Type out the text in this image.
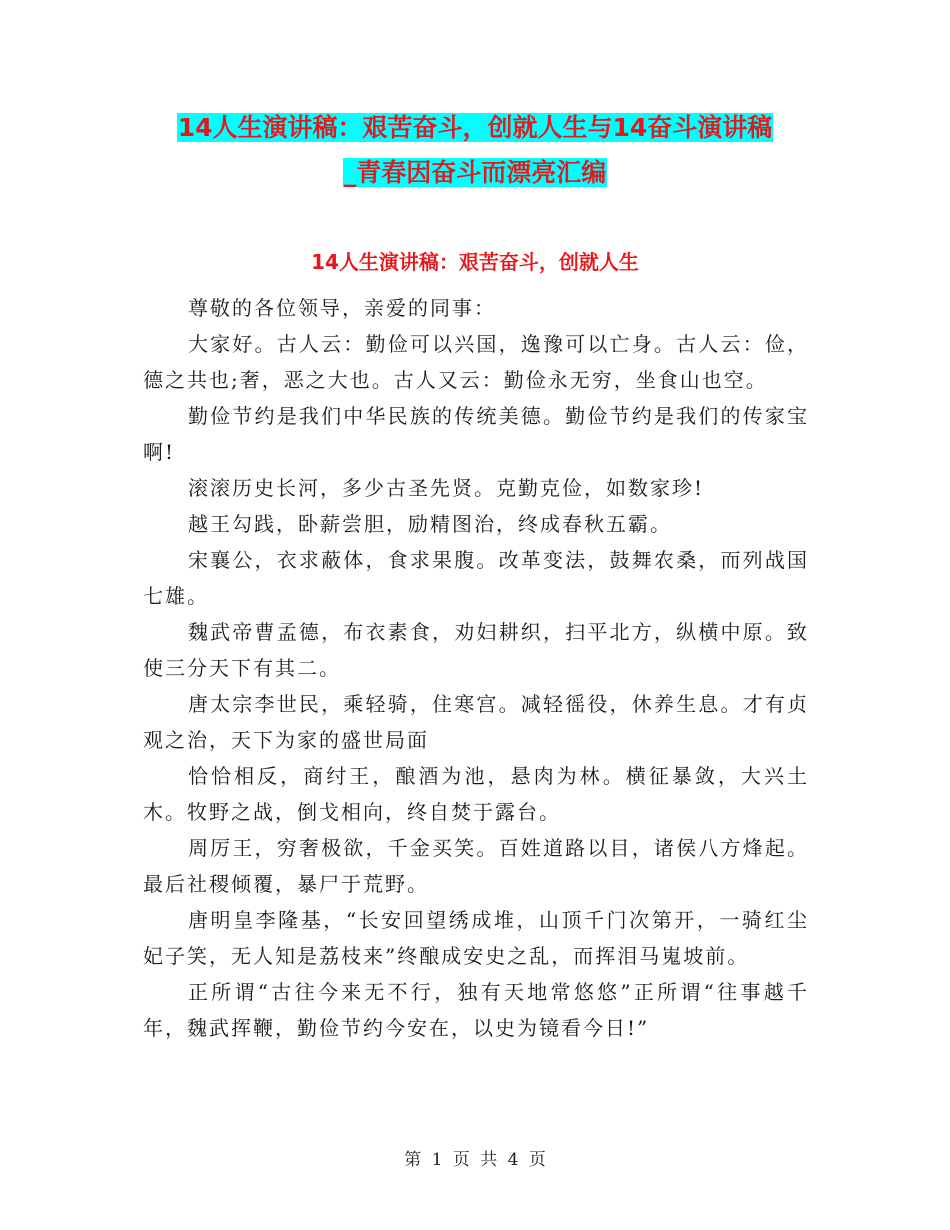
14人生演讲稿：艰苦奋斗，创就人生与14奋斗演讲稿
_青春因奋斗而漂亮汇编
14人生演讲稿：艰苦奋斗，创就人生

尊敬的各位领导，亲爱的同事：

大家好。古人云：勤俭可以兴国，逸豫可以亡身。古人云：俭，德之共也;奢，恶之大也。古人又云：勤俭永无穷，坐食山也空。

勤俭节约是我们中华民族的传统美德。勤俭节约是我们的传家宝啊!

滚滚历史长河，多少古圣先贤。克勤克俭，如数家珍!

越王勾践，卧薪尝胆，励精图治，终成春秋五霸。

宋襄公，衣求蔽体，食求果腹。改革变法，鼓舞农桑，而列战国七雄。

魏武帝曹孟德，布衣素食，劝妇耕织，扫平北方，纵横中原。致使三分天下有其二。

唐太宗李世民，乘轻骑，住寒宫。减轻徭役，休养生息。才有贞观之治，天下为家的盛世局面

恰恰相反，商纣王，酿酒为池，悬肉为林。横征暴敛，大兴土木。牧野之战，倒戈相向，终自焚于露台。

周厉王，穷奢极欲，千金买笑。百姓道路以目，诸侯八方烽起。最后社稷倾覆，暴尸于荒野。

唐明皇李隆基，“长安回望绣成堆，山顶千门次第开，一骑红尘妃子笑，无人知是荔枝来”终酿成安史之乱，而挥泪马嵬坡前。

正所谓“古往今来无不行，独有天地常悠悠”正所谓“往事越千年，魏武挥鞭，勤俭节约今安在，以史为镜看今日!”

第 1 页 共 4 页
